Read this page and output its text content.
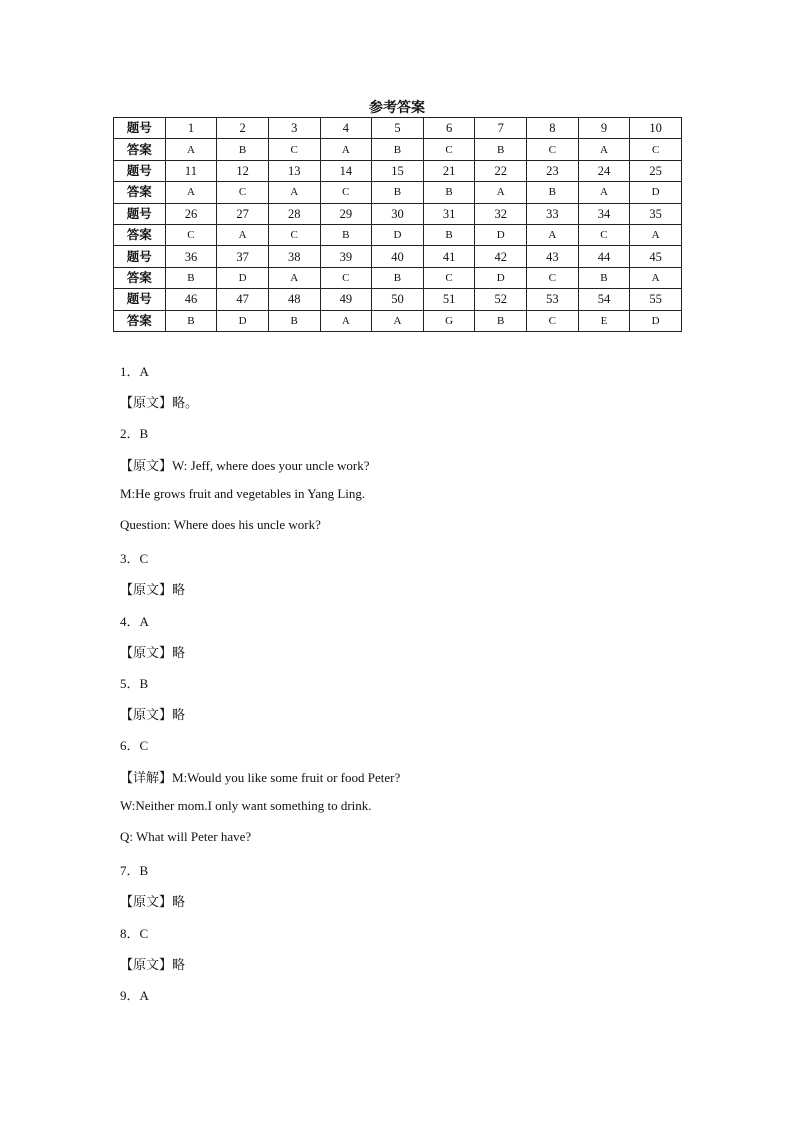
参考答案
题号	1	2	3	4	5	6	7	8	9	10
答案	A	B	C	A	B	C	B	C	A	C
题号	11	12	13	14	15	21	22	23	24	25
答案	A	C	A	C	B	B	A	B	A	D
题号	26	27	28	29	30	31	32	33	34	35
答案	C	A	C	B	D	B	D	A	C	A
题号	36	37	38	39	40	41	42	43	44	45
答案	B	D	A	C	B	C	D	C	B	A
题号	46	47	48	49	50	51	52	53	54	55
答案	B	D	B	A	A	G	B	C	E	D
1．A
【原文】略。
2．B
【原文】W: Jeff, where does your uncle work?
M:He grows fruit and vegetables in Yang Ling.
Question: Where does his uncle work?
3．C
【原文】略
4．A
【原文】略
5．B
【原文】略
6．C
【详解】M:Would you like some fruit or food Peter?
W:Neither mom.I only want something to drink.
Q: What will Peter have?
7．B
【原文】略
8．C
【原文】略
9．A
